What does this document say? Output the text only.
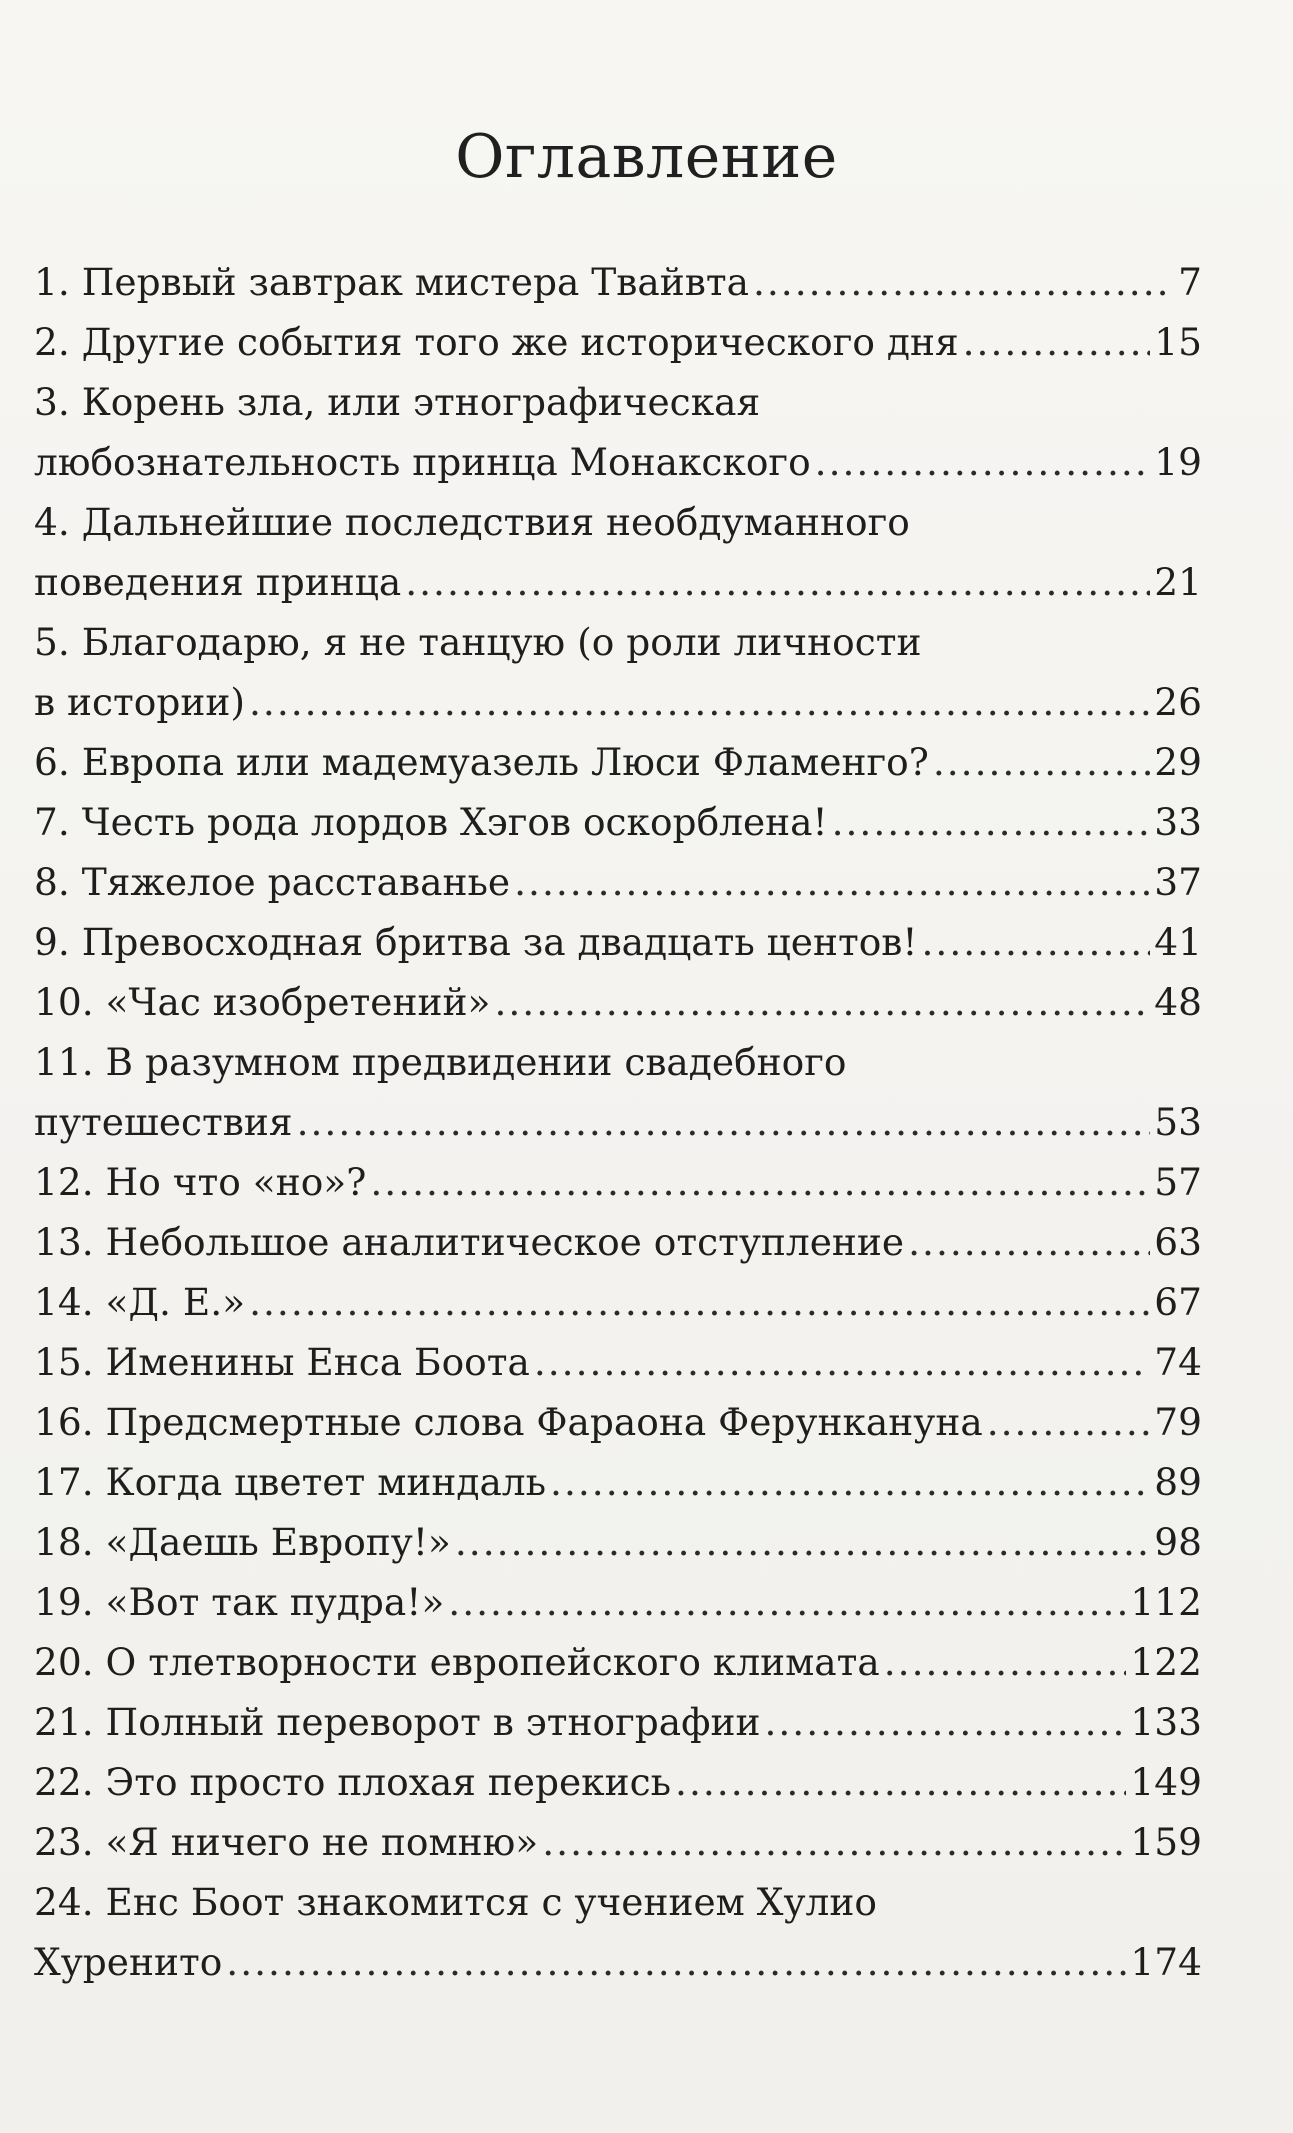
Оглавление
1. Первый завтрак мистера Твайвта .....	7
2. Другие события того же исторического дня .....	15
3. Корень зла, или этнографическая
любознательность принца Монакского .....	19
4. Дальнейшие последствия необдуманного
поведения принца .....	21
5. Благодарю, я не танцую (о роли личности
в истории) .....	26
6. Европа или мадемуазель Люси Фламенго? .....	29
7. Честь рода лордов Хэгов оскорблена! .....	33
8. Тяжелое расставанье .....	37
9. Превосходная бритва за двадцать центов! .....	41
10. «Час изобретений» .....	48
11. В разумном предвидении свадебного
путешествия .....	53
12. Но что «но»? .....	57
13. Небольшое аналитическое отступление .....	63
14. «Д. Е.» .....	67
15. Именины Енса Боота .....	74
16. Предсмертные слова Фараона Ферункануна .....	79
17. Когда цветет миндаль .....	89
18. «Даешь Европу!» .....	98
19. «Вот так пудра!» .....	112
20. О тлетворности европейского климата .....	122
21. Полный переворот в этнографии .....	133
22. Это просто плохая перекись .....	149
23. «Я ничего не помню» .....	159
24. Енс Боот знакомится с учением Хулио
Хуренито .....	174
